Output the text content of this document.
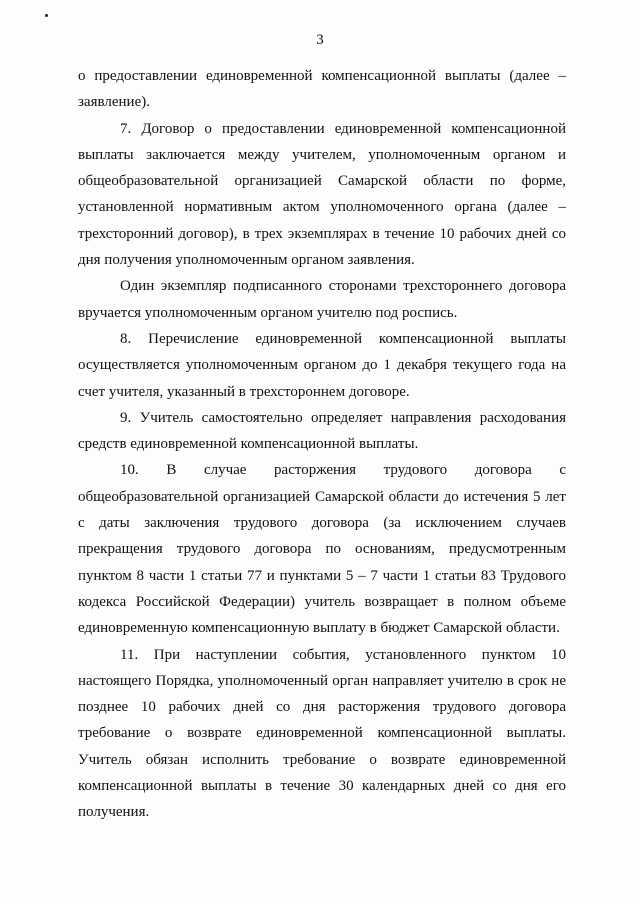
3

о предоставлении единовременной компенсационной выплаты (далее – заявление).

7. Договор о предоставлении единовременной компенсационной выплаты заключается между учителем, уполномоченным органом и общеобразовательной организацией Самарской области по форме, установленной нормативным актом уполномоченного органа (далее – трехсторонний договор), в трех экземплярах в течение 10 рабочих дней со дня получения уполномоченным органом заявления.

Один экземпляр подписанного сторонами трехстороннего договора вручается уполномоченным органом учителю под роспись.

8. Перечисление единовременной компенсационной выплаты осуществляется уполномоченным органом до 1 декабря текущего года на счет учителя, указанный в трехстороннем договоре.

9. Учитель самостоятельно определяет направления расходования средств единовременной компенсационной выплаты.

10. В случае расторжения трудового договора с общеобразовательной организацией Самарской области до истечения 5 лет с даты заключения трудового договора (за исключением случаев прекращения трудового договора по основаниям, предусмотренным пунктом 8 части 1 статьи 77 и пунктами 5 – 7 части 1 статьи 83 Трудового кодекса Российской Федерации) учитель возвращает в полном объеме единовременную компенсационную выплату в бюджет Самарской области.

11. При наступлении события, установленного пунктом 10 настоящего Порядка, уполномоченный орган направляет учителю в срок не позднее 10 рабочих дней со дня расторжения трудового договора требование о возврате единовременной компенсационной выплаты. Учитель обязан исполнить требование о возврате единовременной компенсационной выплаты в течение 30 календарных дней со дня его получения.
